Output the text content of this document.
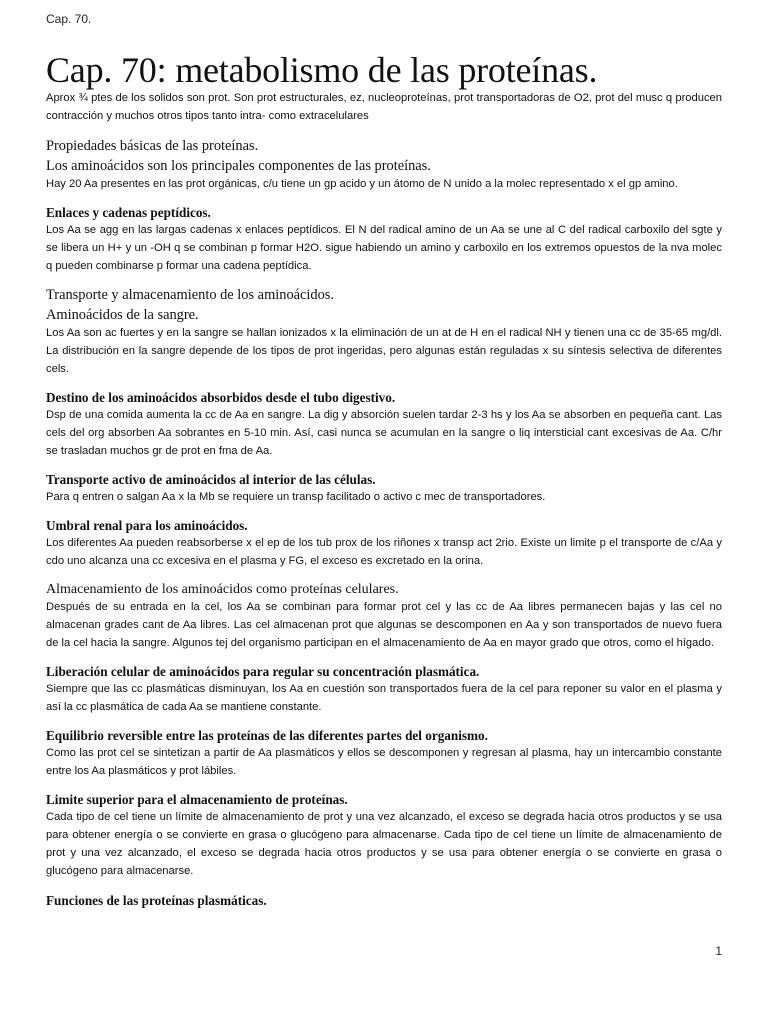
Cap. 70.
Cap. 70: metabolismo de las proteínas.

Aprox ¾ ptes de los solidos son prot. Son prot estructurales, ez, nucleoproteínas, prot transportadoras de O2, prot del musc q producen contracción y muchos otros tipos tanto intra- como extracelulares

Propiedades básicas de las proteínas.
Los aminoácidos son los principales componentes de las proteínas.

Hay 20 Aa presentes en las prot orgánicas, c/u tiene un gp acido y un átomo de N unido a la molec representado x el gp amino.

Enlaces y cadenas peptídicos.

Los Aa se agg en las largas cadenas x enlaces peptídicos. El N del radical amino de un Aa se une al C del radical carboxilo del sgte y se libera un H+ y un -OH q se combinan p formar H2O. sigue habiendo un amino y carboxilo en los extremos opuestos de la nva molec q pueden combinarse p formar una cadena peptídica.

Transporte y almacenamiento de los aminoácidos.
Aminoácidos de la sangre.

Los Aa son ac fuertes y en la sangre se hallan ionizados x la eliminación de un at de H en el radical NH y tienen una cc de 35-65 mg/dl. La distribución en la sangre depende de los tipos de prot ingeridas, pero algunas están reguladas x su síntesis selectiva de diferentes cels.

Destino de los aminoácidos absorbidos desde el tubo digestivo.

Dsp de una comida aumenta la cc de Aa en sangre. La dig y absorción suelen tardar 2-3 hs y los Aa se absorben en pequeña cant. Las cels del org absorben Aa sobrantes en 5-10 min. Así, casi nunca se acumulan en la sangre o liq intersticial cant excesivas de Aa. C/hr se trasladan muchos gr de prot en fma de Aa.

Transporte activo de aminoácidos al interior de las células.

Para q entren o salgan Aa x la Mb se requiere un transp facilitado o activo c mec de transportadores.

Umbral renal para los aminoácidos.

Los diferentes Aa pueden reabsorberse x el ep de los tub prox de los riñones x transp act 2rio. Existe un limite p el transporte de c/Aa y cdo uno alcanza una cc excesiva en el plasma y FG, el exceso es excretado en la orina.

Almacenamiento de los aminoácidos como proteínas celulares.

Después de su entrada en la cel, los Aa se combinan para formar prot cel y las cc de Aa libres permanecen bajas y las cel no almacenan grades cant de Aa libres. Las cel almacenan prot que algunas se descomponen en Aa y son transportados de nuevo fuera de la cel hacia la sangre. Algunos tej del organismo participan en el almacenamiento de Aa en mayor grado que otros, como el hígado.

Liberación celular de aminoácidos para regular su concentración plasmática.

Siempre que las cc plasmáticas disminuyan, los Aa en cuestión son transportados fuera de la cel para reponer su valor en el plasma y así la cc plasmática de cada Aa se mantiene constante.

Equilibrio reversible entre las proteínas de las diferentes partes del organismo.

Como las prot cel se sintetizan a partir de Aa plasmáticos y ellos se descomponen y regresan al plasma, hay un intercambio constante entre los Aa plasmáticos y prot lábiles.

Limite superior para el almacenamiento de proteínas.

Cada tipo de cel tiene un límite de almacenamiento de prot y una vez alcanzado, el exceso se degrada hacia otros productos y se usa para obtener energía o se convierte en grasa o glucógeno para almacenarse. Cada tipo de cel tiene un límite de almacenamiento de prot y una vez alcanzado, el exceso se degrada hacia otros productos y se usa para obtener energía o se convierte en grasa o glucógeno para almacenarse.

Funciones de las proteínas plasmáticas.
1
